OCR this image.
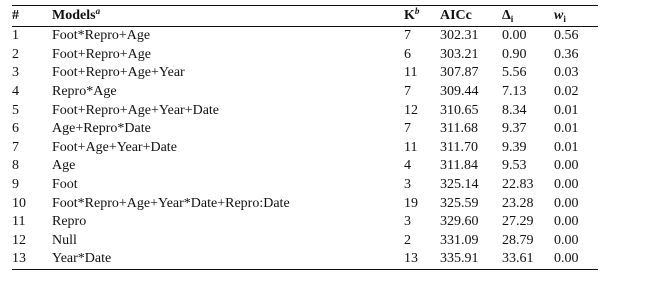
#	Models$^a$	$K^b$	AICc	$\Delta_i$	$w_i$
1	Foot*Repro+Age	7	302.31	0.00	0.56
2	Foot+Repro+Age	6	303.21	0.90	0.36
3	Foot+Repro+Age+Year	11	307.87	5.56	0.03
4	Repro*Age	7	309.44	7.13	0.02
5	Foot+Repro+Age+Year+Date	12	310.65	8.34	0.01
6	Age+Repro*Date	7	311.68	9.37	0.01
7	Foot+Age+Year+Date	11	311.70	9.39	0.01
8	Age	4	311.84	9.53	0.00
9	Foot	3	325.14	22.83	0.00
10	Foot*Repro+Age+Year*Date+Repro:Date	19	325.59	23.28	0.00
11	Repro	3	329.60	27.29	0.00
12	Null	2	331.09	28.79	0.00
13	Year*Date	13	335.91	33.61	0.00
